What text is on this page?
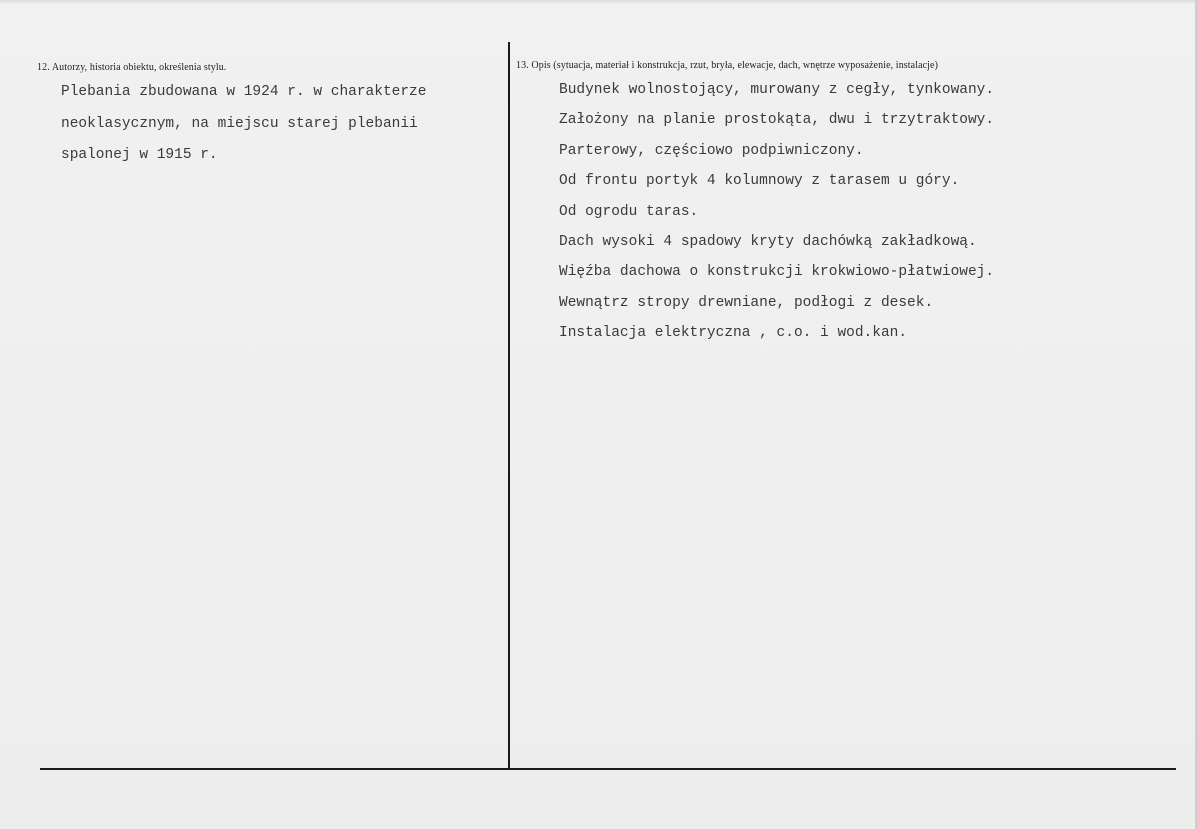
12. Autorzy, historia obiektu, określenia stylu.
Plebania zbudowana w 1924 r. w charakterze
neoklasycznym, na miejscu starej plebanii
spalonej w 1915 r.
13. Opis (sytuacja, materiał i konstrukcja, rzut, bryła, elewacje, dach, wnętrze wyposażenie, instalacje)
Budynek wolnostojący, murowany z cegły, tynkowany.
Założony na planie prostokąta, dwu i trzytraktowy.
Parterowy, częściowo podpiwniczony.
Od frontu portyk 4 kolumnowy z tarasem u góry.
Od ogrodu taras.
Dach wysoki 4 spadowy kryty dachówką zakładkową.
Więźba dachowa o konstrukcji krokwiowo-płatwiowej.
Wewnątrz stropy drewniane, podłogi z desek.
Instalacja elektryczna , c.o. i wod.kan.
